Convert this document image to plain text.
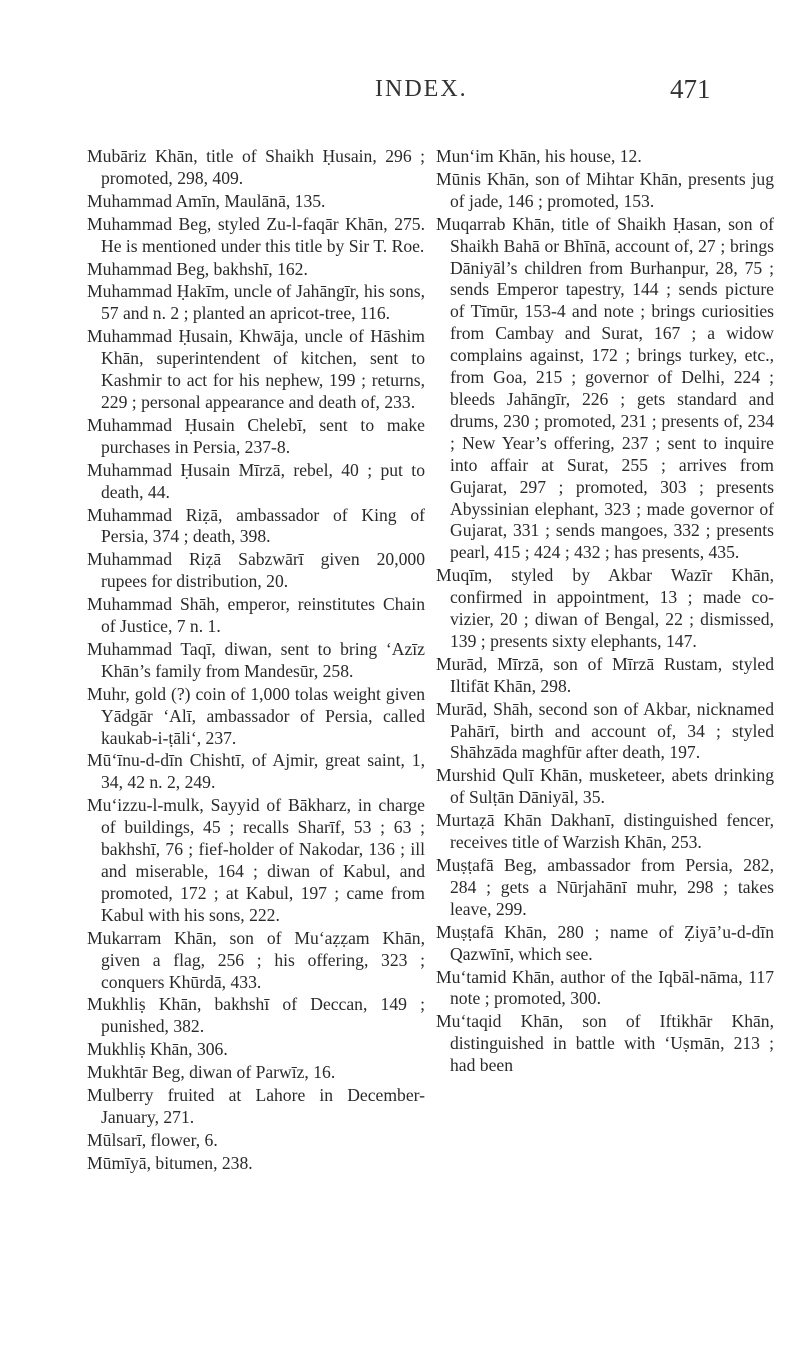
INDEX.	471

Mubāriz Khān, title of Shaikh Ḥusain, 296 ; promoted, 298, 409.

Muhammad Amīn, Maulānā, 135.

Muhammad Beg, styled Zu-l-faqār Khān, 275. He is mentioned under this title by Sir T. Roe.

Muhammad Beg, bakhshī, 162.

Muhammad Ḥakīm, uncle of Jahāngīr, his sons, 57 and n. 2 ; planted an apricot-tree, 116.

Muhammad Ḥusain, Khwāja, uncle of Hāshim Khān, superintendent of kitchen, sent to Kashmir to act for his nephew, 199 ; returns, 229 ; personal appearance and death of, 233.

Muhammad Ḥusain Chelebī, sent to make purchases in Persia, 237-8.

Muhammad Ḥusain Mīrzā, rebel, 40 ; put to death, 44.

Muhammad Riẓā, ambassador of King of Persia, 374 ; death, 398.

Muhammad Riẓā Sabzwārī given 20,000 rupees for distribution, 20.

Muhammad Shāh, emperor, reinstitutes Chain of Justice, 7 n. 1.

Muhammad Taqī, diwan, sent to bring ‘Azīz Khān’s family from Mandesūr, 258.

Muhr, gold (?) coin of 1,000 tolas weight given Yādgār ‘Alī, ambassador of Persia, called kaukab-i-ṭāli‘, 237.

Mū‘īnu-d-dīn Chishtī, of Ajmir, great saint, 1, 34, 42 n. 2, 249.

Mu‘izzu-l-mulk, Sayyid of Bākharz, in charge of buildings, 45 ; recalls Sharīf, 53 ; 63 ; bakhshī, 76 ; fief-holder of Nakodar, 136 ; ill and miserable, 164 ; diwan of Kabul, and promoted, 172 ; at Kabul, 197 ; came from Kabul with his sons, 222.

Mukarram Khān, son of Mu‘aẓẓam Khān, given a flag, 256 ; his offering, 323 ; conquers Khūrdā, 433.

Mukhliṣ Khān, bakhshī of Deccan, 149 ; punished, 382.

Mukhliṣ Khān, 306.

Mukhtār Beg, diwan of Parwīz, 16.

Mulberry fruited at Lahore in December-January, 271.

Mūlsarī, flower, 6.

Mūmīyā, bitumen, 238.

Mun‘im Khān, his house, 12.

Mūnis Khān, son of Mihtar Khān, presents jug of jade, 146 ; promoted, 153.

Muqarrab Khān, title of Shaikh Ḥasan, son of Shaikh Bahā or Bhīnā, account of, 27 ; brings Dāniyāl’s children from Burhanpur, 28, 75 ; sends Emperor tapestry, 144 ; sends picture of Tīmūr, 153-4 and note ; brings curiosities from Cambay and Surat, 167 ; a widow complains against, 172 ; brings turkey, etc., from Goa, 215 ; governor of Delhi, 224 ; bleeds Jahāngīr, 226 ; gets standard and drums, 230 ; promoted, 231 ; presents of, 234 ; New Year’s offering, 237 ; sent to inquire into affair at Surat, 255 ; arrives from Gujarat, 297 ; promoted, 303 ; presents Abyssinian elephant, 323 ; made governor of Gujarat, 331 ; sends mangoes, 332 ; presents pearl, 415 ; 424 ; 432 ; has presents, 435.

Muqīm, styled by Akbar Wazīr Khān, confirmed in appointment, 13 ; made co-vizier, 20 ; diwan of Bengal, 22 ; dismissed, 139 ; presents sixty elephants, 147.

Murād, Mīrzā, son of Mīrzā Rustam, styled Iltifāt Khān, 298.

Murād, Shāh, second son of Akbar, nicknamed Pahārī, birth and account of, 34 ; styled Shāhzāda maghfūr after death, 197.

Murshid Qulī Khān, musketeer, abets drinking of Sulṭān Dāniyāl, 35.

Murtaẓā Khān Dakhanī, distinguished fencer, receives title of Warzish Khān, 253.

Muṣṭafā Beg, ambassador from Persia, 282, 284 ; gets a Nūrjahānī muhr, 298 ; takes leave, 299.

Muṣṭafā Khān, 280 ; name of Ẓiyā’u-d-dīn Qazwīnī, which see.

Mu‘tamid Khān, author of the Iqbāl-nāma, 117 note ; promoted, 300.

Mu‘taqid Khān, son of Iftikhār Khān, distinguished in battle with ‘Uṣmān, 213 ; had been
